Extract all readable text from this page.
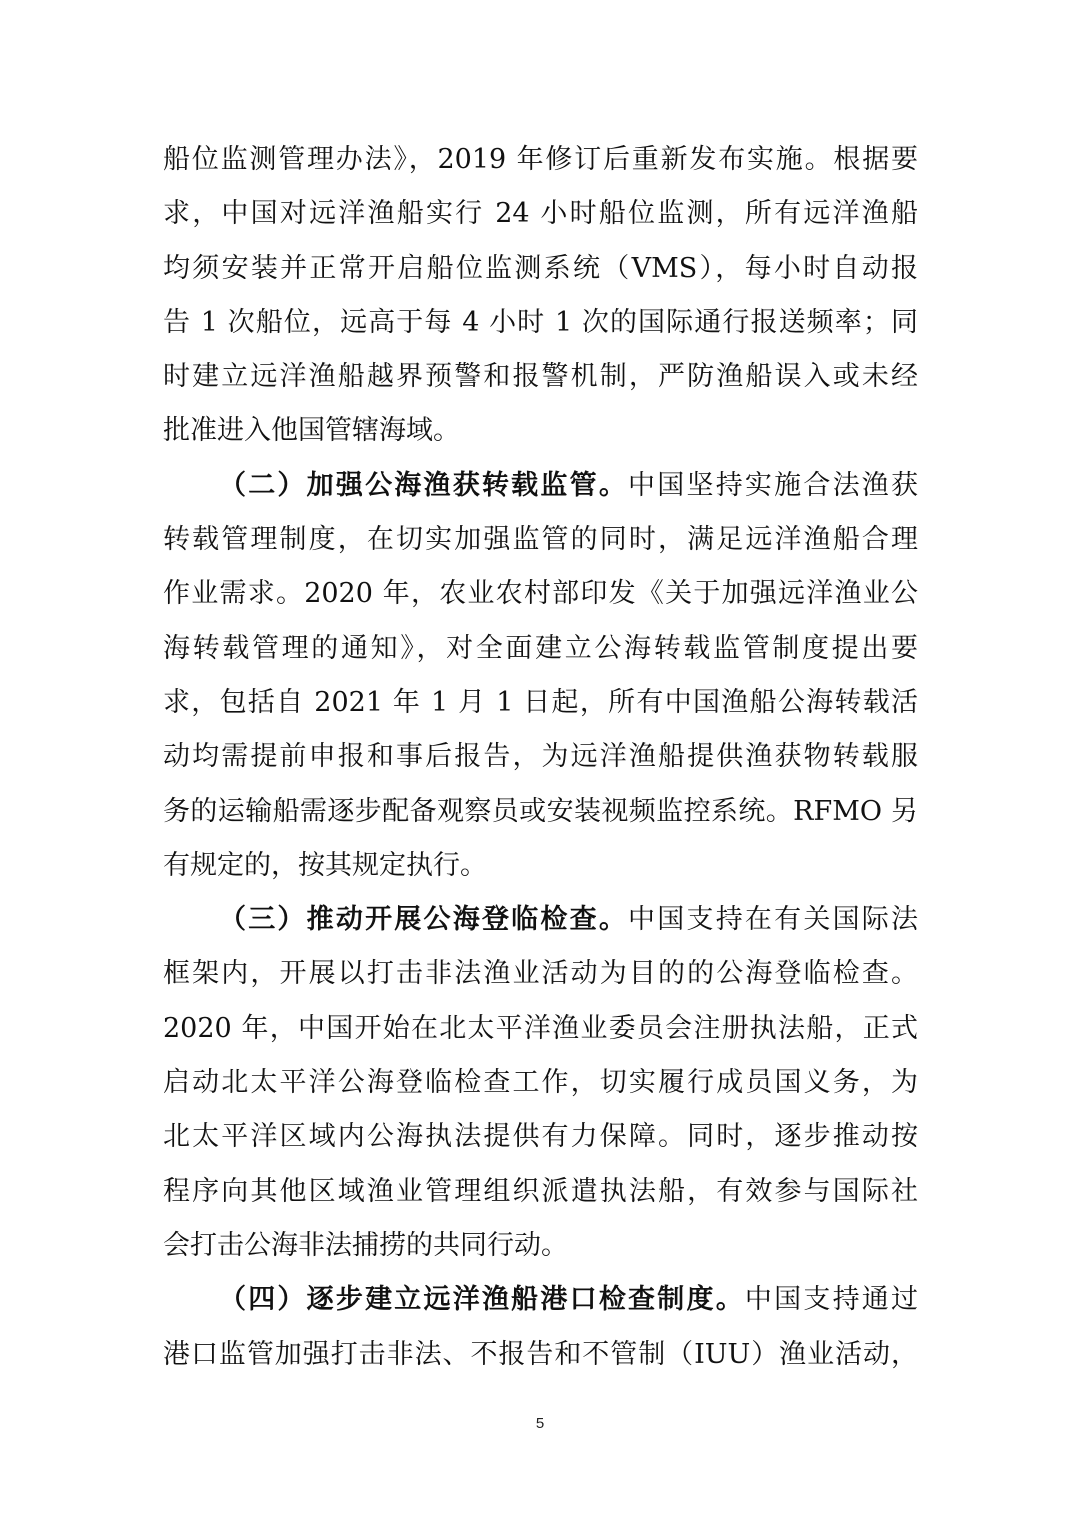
船位监测管理办法》，2019 年修订后重新发布实施。根据要
求，中国对远洋渔船实行 24 小时船位监测，所有远洋渔船
均须安装并正常开启船位监测系统（VMS），每小时自动报
告 1 次船位，远高于每 4 小时 1 次的国际通行报送频率；同
时建立远洋渔船越界预警和报警机制，严防渔船误入或未经
批准进入他国管辖海域。
（二）加强公海渔获转载监管。中国坚持实施合法渔获
转载管理制度，在切实加强监管的同时，满足远洋渔船合理
作业需求。2020 年，农业农村部印发《关于加强远洋渔业公
海转载管理的通知》，对全面建立公海转载监管制度提出要
求，包括自 2021 年 1 月 1 日起，所有中国渔船公海转载活
动均需提前申报和事后报告，为远洋渔船提供渔获物转载服
务的运输船需逐步配备观察员或安装视频监控系统。RFMO 另
有规定的，按其规定执行。
（三）推动开展公海登临检查。中国支持在有关国际法
框架内，开展以打击非法渔业活动为目的的公海登临检查。
2020 年，中国开始在北太平洋渔业委员会注册执法船，正式
启动北太平洋公海登临检查工作，切实履行成员国义务，为
北太平洋区域内公海执法提供有力保障。同时，逐步推动按
程序向其他区域渔业管理组织派遣执法船，有效参与国际社
会打击公海非法捕捞的共同行动。
（四）逐步建立远洋渔船港口检查制度。中国支持通过
港口监管加强打击非法、不报告和不管制（IUU）渔业活动，
5
